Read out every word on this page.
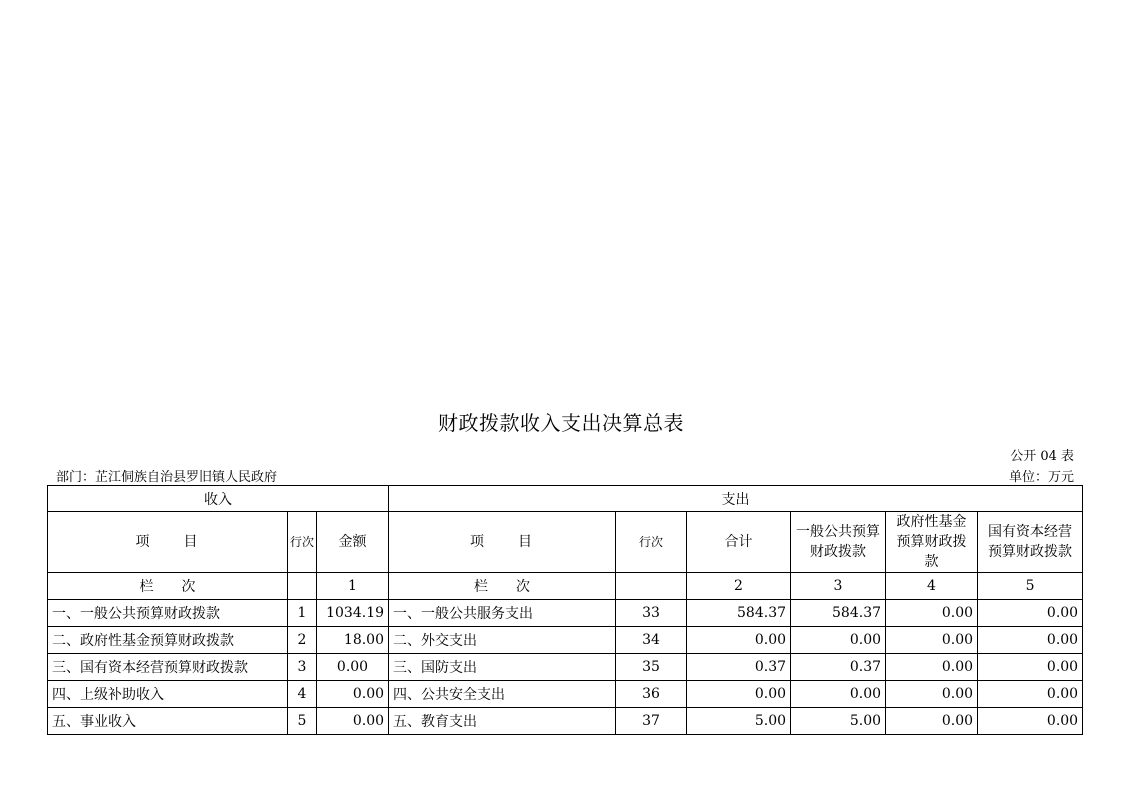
财政拨款收入支出决算总表
公开 04 表
部门：芷江侗族自治县罗旧镇人民政府	单位：万元
收入			支出					
项　　目	行次	金额	项　　目	行次	合计	一般公共预算财政拨款	政府性基金预算财政拨款	国有资本经营预算财政拨款
栏　　次		1	栏　　次		2	3	4	5
一、一般公共预算财政拨款	1	1034.19	一、一般公共服务支出	33	584.37	584.37	0.00	0.00
二、政府性基金预算财政拨款	2	18.00	二、外交支出	34	0.00	0.00	0.00	0.00
三、国有资本经营预算财政拨款	3	0.00	三、国防支出	35	0.37	0.37	0.00	0.00
四、上级补助收入	4	0.00	四、公共安全支出	36	0.00	0.00	0.00	0.00
五、事业收入	5	0.00	五、教育支出	37	5.00	5.00	0.00	0.00
